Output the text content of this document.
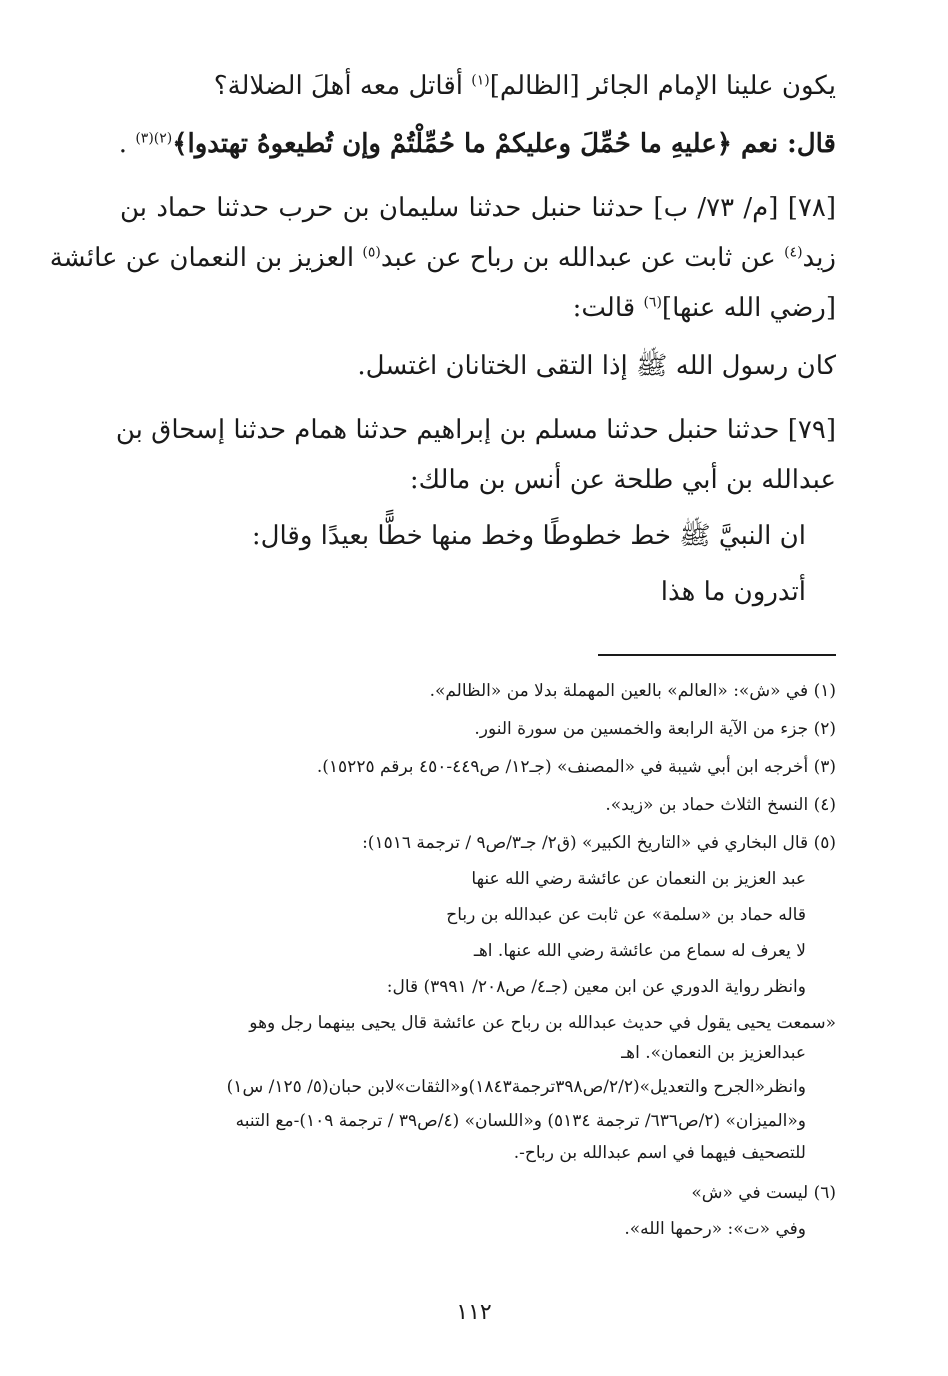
يكون علينا الإمام الجائر [الظالم]$^{(١)}$ أقاتل معه أهلَ الضلالة؟
قال: نعم ﴿عليهِ ما حُمِّلَ وعليكمْ ما حُمِّلْتُمْ وإن تُطيعوهُ تهتدوا﴾$^{(٢)(٣)}$ .
[٧٨] [م/ ٧٣/ ب] حدثنا حنبل حدثنا سليمان بن حرب حدثنا حماد بن
زيد$^{(٤)}$ عن ثابت عن عبدالله بن رباح عن عبد$^{(٥)}$ العزيز بن النعمان عن عائشة
[رضي الله عنها]$^{(٦)}$ قالت:
كان رسول الله ﷺ إذا التقى الختانان اغتسل.
[٧٩] حدثنا حنبل حدثنا مسلم بن إبراهيم حدثنا همام حدثنا إسحاق بن
عبدالله بن أبي طلحة عن أنس بن مالك:
ان النبيَّ ﷺ خط خطوطًا وخط منها خطًّا بعيدًا وقال:
أتدرون ما هذا
(١) في «ش»: «العالم» بالعين المهملة بدلا من «الظالم».
(٢) جزء من الآية الرابعة والخمسين من سورة النور.
(٣) أخرجه ابن أبي شيبة في «المصنف» (جـ١٢/ ص٤٤٩-٤٥٠ برقم ١٥٢٢٥).
(٤) النسخ الثلاث حماد بن «زيد».
(٥) قال البخاري في «التاريخ الكبير» (ق٢/ جـ٣/ص٩ / ترجمة ١٥١٦):
عبد العزيز بن النعمان عن عائشة رضي الله عنها
قاله حماد بن «سلمة» عن ثابت عن عبدالله بن رباح
لا يعرف له سماع من عائشة رضي الله عنها. اهـ
وانظر رواية الدوري عن ابن معين (جـ٤/ ص٢٠٨/ ٣٩٩١) قال:
«سمعت يحيى يقول في حديث عبدالله بن رباح عن عائشة قال يحيى بينهما رجل وهو
عبدالعزيز بن النعمان». اهـ
وانظر«الجرح والتعديل»(٢/٢/ص٣٩٨ترجمة١٨٤٣)و«الثقات»لابن حبان(٥/ ١٢٥/ س١)
و«الميزان» (٢/ص٦٣٦/ ترجمة ٥١٣٤) و«اللسان» (٤/ص٣٩ / ترجمة ١٠٩)-مع التنبه
للتصحيف فيهما في اسم عبدالله بن رباح-.
(٦) ليست في «ش»
وفي «ت»: «رحمها الله».
١١٢
